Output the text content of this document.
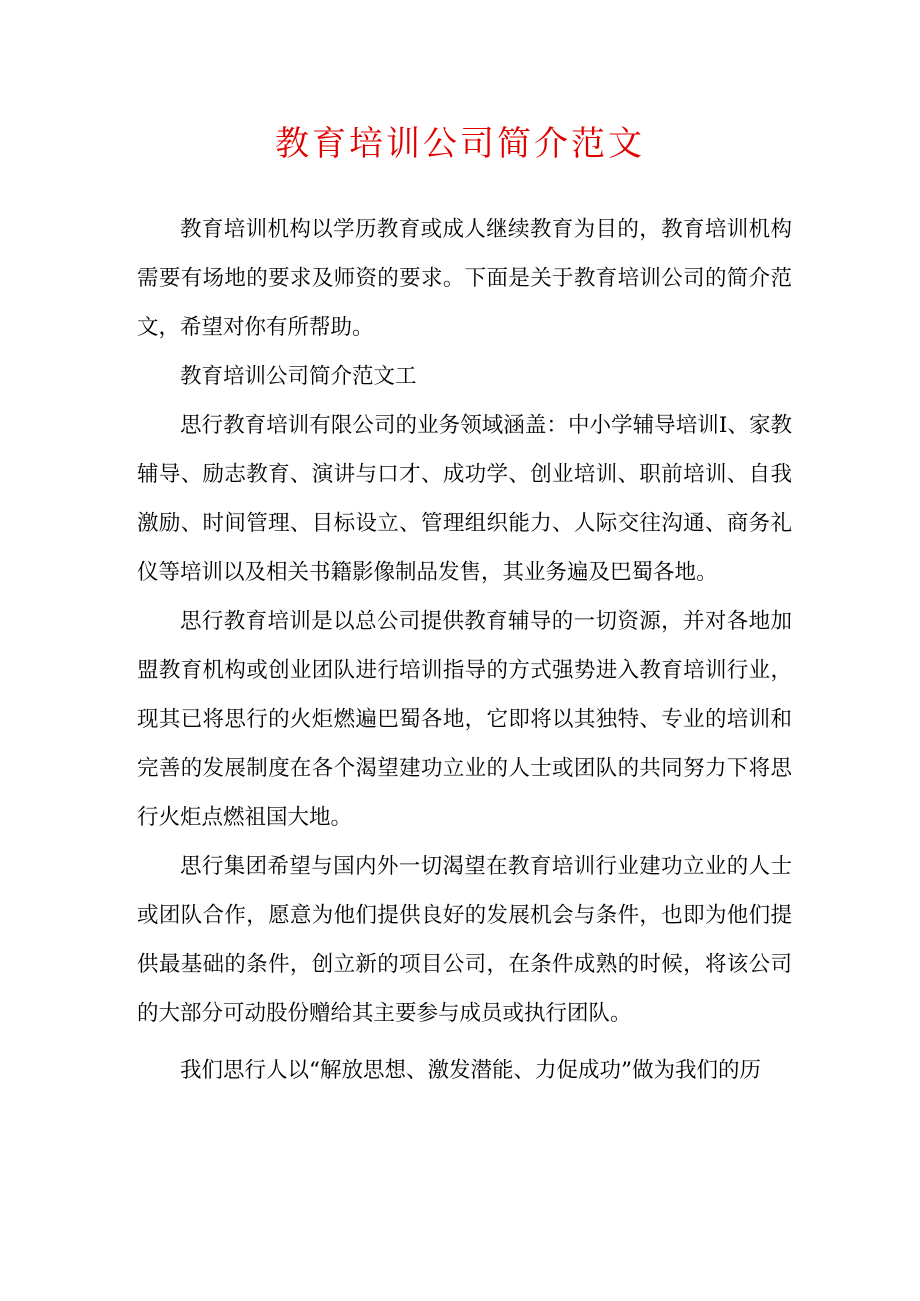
教育培训公司简介范文

教育培训机构以学历教育或成人继续教育为目的，教育培训机构需要有场地的要求及师资的要求。下面是关于教育培训公司的简介范文，希望对你有所帮助。

教育培训公司简介范文工

思行教育培训有限公司的业务领域涵盖：中小学辅导培训I、家教辅导、励志教育、演讲与口才、成功学、创业培训、职前培训、自我激励、时间管理、目标设立、管理组织能力、人际交往沟通、商务礼仪等培训以及相关书籍影像制品发售，其业务遍及巴蜀各地。

思行教育培训是以总公司提供教育辅导的一切资源，并对各地加盟教育机构或创业团队进行培训指导的方式强势进入教育培训行业，现其已将思行的火炬燃遍巴蜀各地，它即将以其独特、专业的培训和完善的发展制度在各个渴望建功立业的人士或团队的共同努力下将思行火炬点燃祖国大地。

思行集团希望与国内外一切渴望在教育培训行业建功立业的人士或团队合作，愿意为他们提供良好的发展机会与条件，也即为他们提供最基础的条件，创立新的项目公司，在条件成熟的时候，将该公司的大部分可动股份赠给其主要参与成员或执行团队。

我们思行人以“解放思想、激发潜能、力促成功”做为我们的历
